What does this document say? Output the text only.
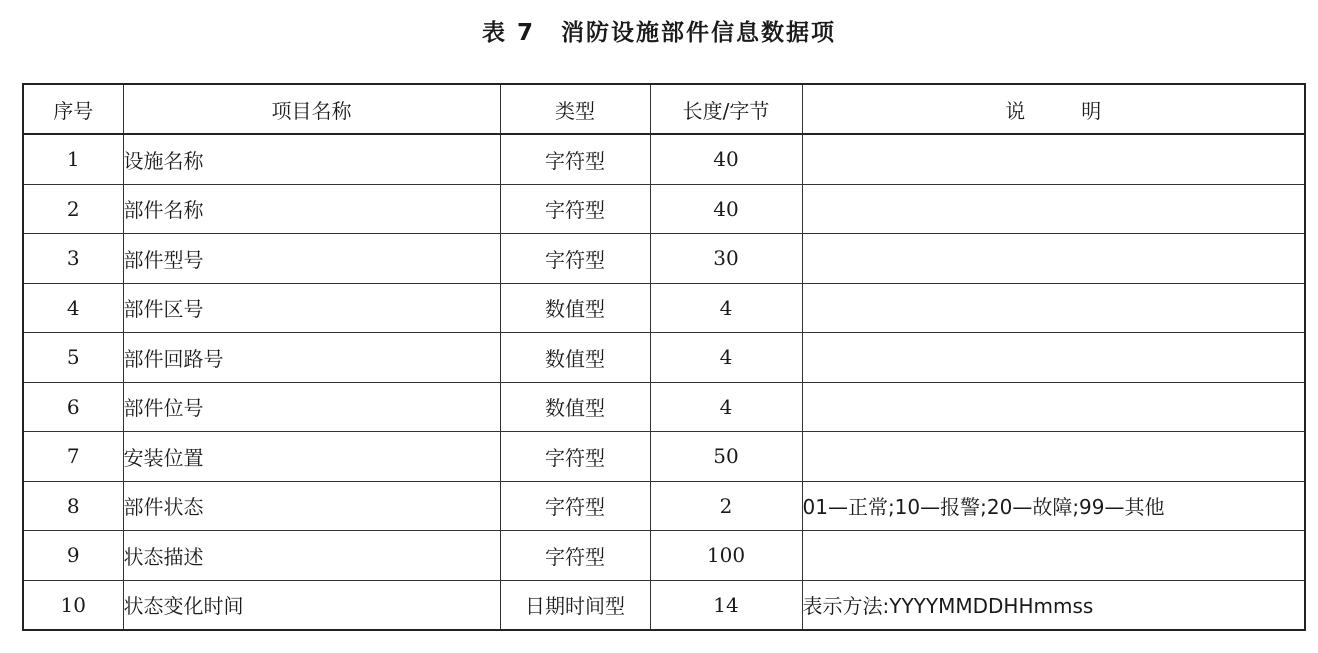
表 7 消防设施部件信息数据项
序号	项目名称	类型	长度/字节	说 明
1	设施名称	字符型	40	
2	部件名称	字符型	40	
3	部件型号	字符型	30	
4	部件区号	数值型	4	
5	部件回路号	数值型	4	
6	部件位号	数值型	4	
7	安装位置	字符型	50	
8	部件状态	字符型	2	01—正常;10—报警;20—故障;99—其他
9	状态描述	字符型	100	
10	状态变化时间	日期时间型	14	表示方法:YYYYMMDDHHmmss
